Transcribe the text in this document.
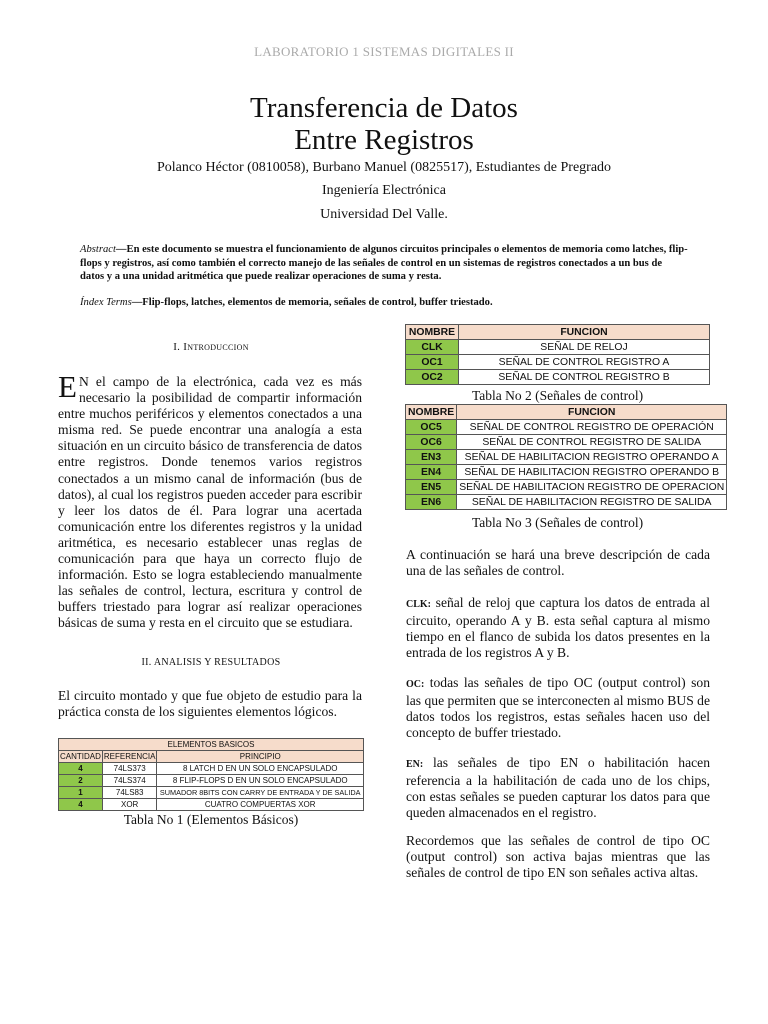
LABORATORIO 1 SISTEMAS DIGITALES II
Transferencia de Datos
Entre Registros
Polanco Héctor (0810058), Burbano Manuel (0825517), Estudiantes de Pregrado
Ingeniería Electrónica
Universidad Del Valle.
Abstract—En este documento se muestra el funcionamiento de algunos circuitos principales o elementos de memoria como latches, flip-flops y registros, así como también el correcto manejo de las señales de control en un sistemas de registros conectados a un bus de datos y a una unidad aritmética que puede realizar operaciones de suma y resta.
Índex Terms—Flip-flops, latches, elementos de memoria, señales de control, buffer triestado.
I. Introduccion
E N el campo de la electrónica, cada vez es más necesario la posibilidad de compartir información entre muchos periféricos y elementos conectados a una misma red. Se puede encontrar una analogía a esta situación en un circuito básico de transferencia de datos entre registros. Donde tenemos varios registros conectados a un mismo canal de información (bus de datos), al cual los registros pueden acceder para escribir y leer los datos de él. Para lograr una acertada comunicación entre los diferentes registros y la unidad aritmética, es necesario establecer unas reglas de comunicación para que haya un correcto flujo de información. Esto se logra estableciendo manualmente las señales de control, lectura, escritura y control de buffers triestado para lograr así realizar operaciones básicas de suma y resta en el circuito que se estudiara.
II. ANALISIS Y RESULTADOS
El circuito montado y que fue objeto de estudio para la práctica consta de los siguientes elementos lógicos.
ELEMENTOS BASICOS		
CANTIDAD	REFERENCIA	PRINCIPIO
4	74LS373	8 LATCH D EN UN SOLO ENCAPSULADO
2	74LS374	8 FLIP-FLOPS D EN UN SOLO ENCAPSULADO
1	74LS83	SUMADOR 8BITS CON CARRY DE ENTRADA Y DE SALIDA
4	XOR	CUATRO COMPUERTAS XOR
Tabla No 1 (Elementos Básicos)
NOMBRE	FUNCION
CLK	SEÑAL DE RELOJ
OC1	SEÑAL DE CONTROL REGISTRO A
OC2	SEÑAL DE CONTROL REGISTRO B
Tabla No 2 (Señales de control)
NOMBRE	FUNCION
OC5	SEÑAL DE CONTROL REGISTRO DE OPERACIÓN
OC6	SEÑAL DE CONTROL REGISTRO DE SALIDA
EN3	SEÑAL DE HABILITACION REGISTRO OPERANDO A
EN4	SEÑAL DE HABILITACION REGISTRO OPERANDO B
EN5	SEÑAL DE HABILITACION REGISTRO DE OPERACION
EN6	SEÑAL DE HABILITACION REGISTRO DE SALIDA
Tabla No 3 (Señales de control)
A continuación se hará una breve descripción de cada una de las señales de control.
CLK: señal de reloj que captura los datos de entrada al circuito, operando A y B. esta señal captura al mismo tiempo en el flanco de subida los datos presentes en la entrada de los registros A y B.
OC: todas las señales de tipo OC (output control) son las que permiten que se interconecten al mismo BUS de datos todos los registros, estas señales hacen uso del concepto de buffer triestado.
EN: las señales de tipo EN o habilitación hacen referencia a la habilitación de cada uno de los chips, con estas señales se pueden capturar los datos para que queden almacenados en el registro.
Recordemos que las señales de control de tipo OC (output control) son activa bajas mientras que las señales de control de tipo EN son señales activa altas.
